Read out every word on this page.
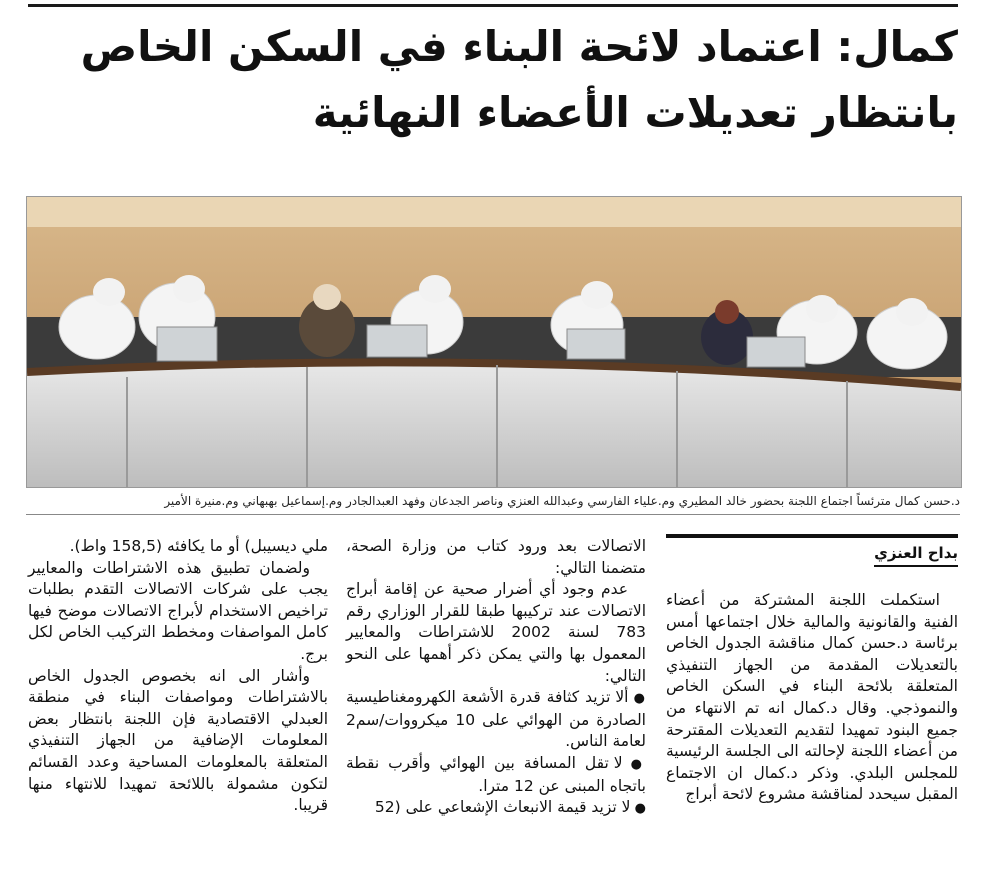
كمال: اعتماد لائحة البناء في السكن الخاص
بانتظار تعديلات الأعضاء النهائية
د.حسن كمال مترئساً اجتماع اللجنة بحضور خالد المطيري وم.علياء الفارسي وعبدالله العنزي وناصر الجدعان وفهد العبدالجادر وم.إسماعيل بهبهاني وم.منيرة الأمير
بداح العنزي

استكملت اللجنة المشتركة من أعضاء الفنية والقانونية والمالية خلال اجتماعها أمس برئاسة د.حسن كمال مناقشة الجدول الخاص بالتعديلات المقدمة من الجهاز التنفيذي المتعلقة بلائحة البناء في السكن الخاص والنموذجي. وقال د.كمال انه تم الانتهاء من جميع البنود تمهيدا لتقديم التعديلات المقترحة من أعضاء اللجنة لإحالته الى الجلسة الرئيسية للمجلس البلدي. وذكر د.كمال ان الاجتماع المقبل سيحدد لمناقشة مشروع لائحة أبراج

الاتصالات بعد ورود كتاب من وزارة الصحة، متضمنا التالي:

عدم وجود أي أضرار صحية عن إقامة أبراج الاتصالات عند تركيبها طبقا للقرار الوزاري رقم 783 لسنة 2002 للاشتراطات والمعايير المعمول بها والتي يمكن ذكر أهمها على النحو التالي:

● ألا تزيد كثافة قدرة الأشعة الكهرومغناطيسية الصادرة من الهوائي على 10 ميكرووات/سم2 لعامة الناس.

● لا تقل المسافة بين الهوائي وأقرب نقطة باتجاه المبنى عن 12 مترا.

● لا تزيد قيمة الانبعاث الإشعاعي على (52

ملي ديسيبل) أو ما يكافئه (158,5 واط).

ولضمان تطبيق هذه الاشتراطات والمعايير يجب على شركات الاتصالات التقدم بطلبات تراخيص الاستخدام لأبراج الاتصالات موضح فيها كامل المواصفات ومخطط التركيب الخاص لكل برج.

وأشار الى انه بخصوص الجدول الخاص بالاشتراطات ومواصفات البناء في منطقة العبدلي الاقتصادية فإن اللجنة بانتظار بعض المعلومات الإضافية من الجهاز التنفيذي المتعلقة بالمعلومات المساحية وعدد القسائم لتكون مشمولة باللائحة تمهيدا للانتهاء منها قريبا.
